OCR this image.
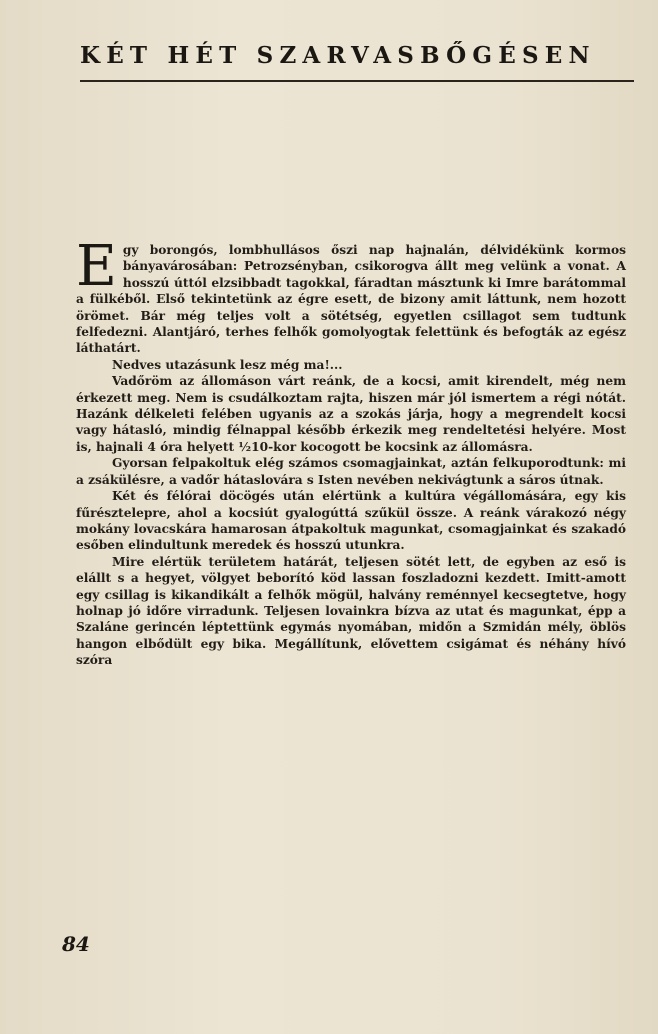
KÉT HÉT SZARVASBŐGÉSEN

Egy borongós, lombhullásos őszi nap hajnalán, délvidékünk kormos bányavárosában: Petrozsényban, csikorogva állt meg velünk a vonat. A hosszú úttól elzsibbadt tagokkal, fáradtan másztunk ki Imre barátommal a fülkéből. Első tekintetünk az égre esett, de bizony amit láttunk, nem hozott örömet. Bár még teljes volt a sötétség, egyetlen csillagot sem tudtunk felfedezni. Alantjáró, terhes felhők gomolyogtak felettünk és befogták az egész láthatárt.

Nedves utazásunk lesz még ma!...

Vadőröm az állomáson várt reánk, de a kocsi, amit kirendelt, még nem érkezett meg. Nem is csudálkoztam rajta, hiszen már jól ismertem a régi nótát. Hazánk délkeleti felében ugyanis az a szokás járja, hogy a megrendelt kocsi vagy hátasló, mindig félnappal később érkezik meg rendeltetési helyére. Most is, hajnali 4 óra helyett ½10-kor kocogott be kocsink az állomásra.

Gyorsan felpakoltuk elég számos csomagjainkat, aztán felkuporodtunk: mi a zsákülésre, a vadőr hátaslovára s Isten nevében nekivágtunk a sáros útnak.

Két és félórai döcögés után elértünk a kultúra végállomására, egy kis fűrésztelepre, ahol a kocsiút gyalogúttá szűkül össze. A reánk várakozó négy mokány lovacskára hamarosan átpakoltuk magunkat, csomagjainkat és szakadó esőben elindultunk meredek és hosszú utunkra.

Mire elértük területem határát, teljesen sötét lett, de egyben az eső is elállt s a hegyet, völgyet beborító köd lassan foszladozni kezdett. Imitt-amott egy csillag is kikandikált a felhők mögül, halvány reménnyel kecsegtetve, hogy holnap jó időre virradunk. Teljesen lovainkra bízva az utat és magunkat, épp a Szaláne gerincén léptettünk egymás nyomában, midőn a Szmidán mély, öblös hangon elbődült egy bika. Megállítunk, elővettem csigámat és néhány hívó szóra

84
